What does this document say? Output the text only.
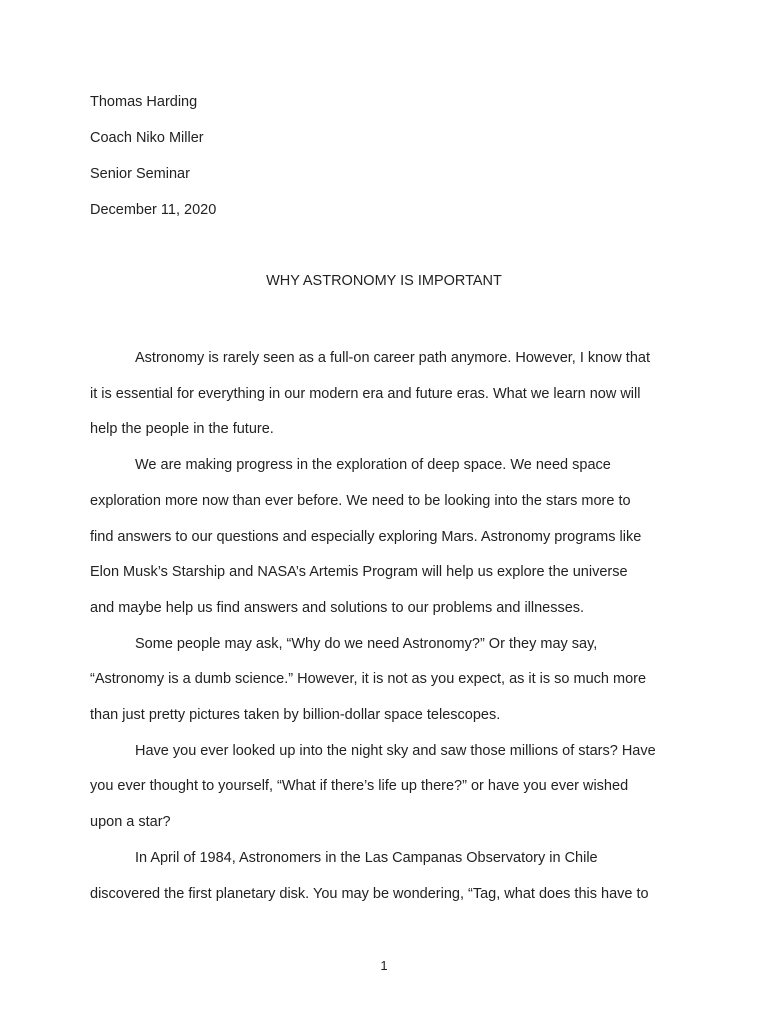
Thomas Harding
Coach Niko Miller
Senior Seminar
December 11, 2020
WHY ASTRONOMY IS IMPORTANT

Astronomy is rarely seen as a full-on career path anymore. However, I know that
it is essential for everything in our modern era and future eras. What we learn now will
help the people in the future.

We are making progress in the exploration of deep space. We need space
exploration more now than ever before. We need to be looking into the stars more to
find answers to our questions and especially exploring Mars. Astronomy programs like
Elon Musk’s Starship and NASA’s Artemis Program will help us explore the universe
and maybe help us find answers and solutions to our problems and illnesses.

Some people may ask, “Why do we need Astronomy?” Or they may say,
“Astronomy is a dumb science.” However, it is not as you expect, as it is so much more
than just pretty pictures taken by billion-dollar space telescopes.

Have you ever looked up into the night sky and saw those millions of stars? Have
you ever thought to yourself, “What if there’s life up there?” or have you ever wished
upon a star?

In April of 1984, Astronomers in the Las Campanas Observatory in Chile
discovered the first planetary disk. You may be wondering, “Tag, what does this have to

1
